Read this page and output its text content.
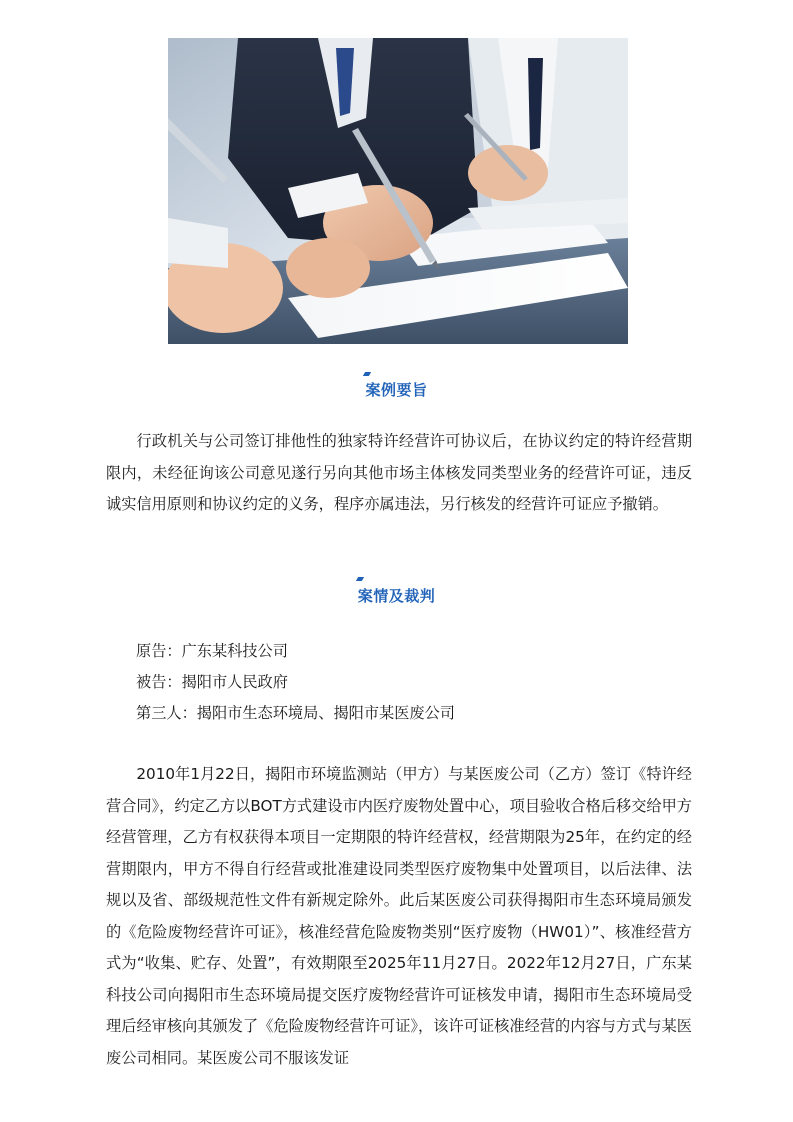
案例要旨

行政机关与公司签订排他性的独家特许经营许可协议后，在协议约定的特许经营期限内，未经征询该公司意见遂行另向其他市场主体核发同类型业务的经营许可证，违反诚实信用原则和协议约定的义务，程序亦属违法，另行核发的经营许可证应予撤销。

案情及裁判
原告：广东某科技公司
被告：揭阳市人民政府
第三人：揭阳市生态环境局、揭阳市某医废公司

2010年1月22日，揭阳市环境监测站（甲方）与某医废公司（乙方）签订《特许经营合同》，约定乙方以BOT方式建设市内医疗废物处置中心，项目验收合格后移交给甲方经营管理，乙方有权获得本项目一定期限的特许经营权，经营期限为25年，在约定的经营期限内，甲方不得自行经营或批准建设同类型医疗废物集中处置项目，以后法律、法规以及省、部级规范性文件有新规定除外。此后某医废公司获得揭阳市生态环境局颁发的《危险废物经营许可证》，核准经营危险废物类别“医疗废物（HW01）”、核准经营方式为“收集、贮存、处置”，有效期限至2025年11月27日。2022年12月27日，广东某科技公司向揭阳市生态环境局提交医疗废物经营许可证核发申请，揭阳市生态环境局受理后经审核向其颁发了《危险废物经营许可证》，该许可证核准经营的内容与方式与某医废公司相同。某医废公司不服该发证
